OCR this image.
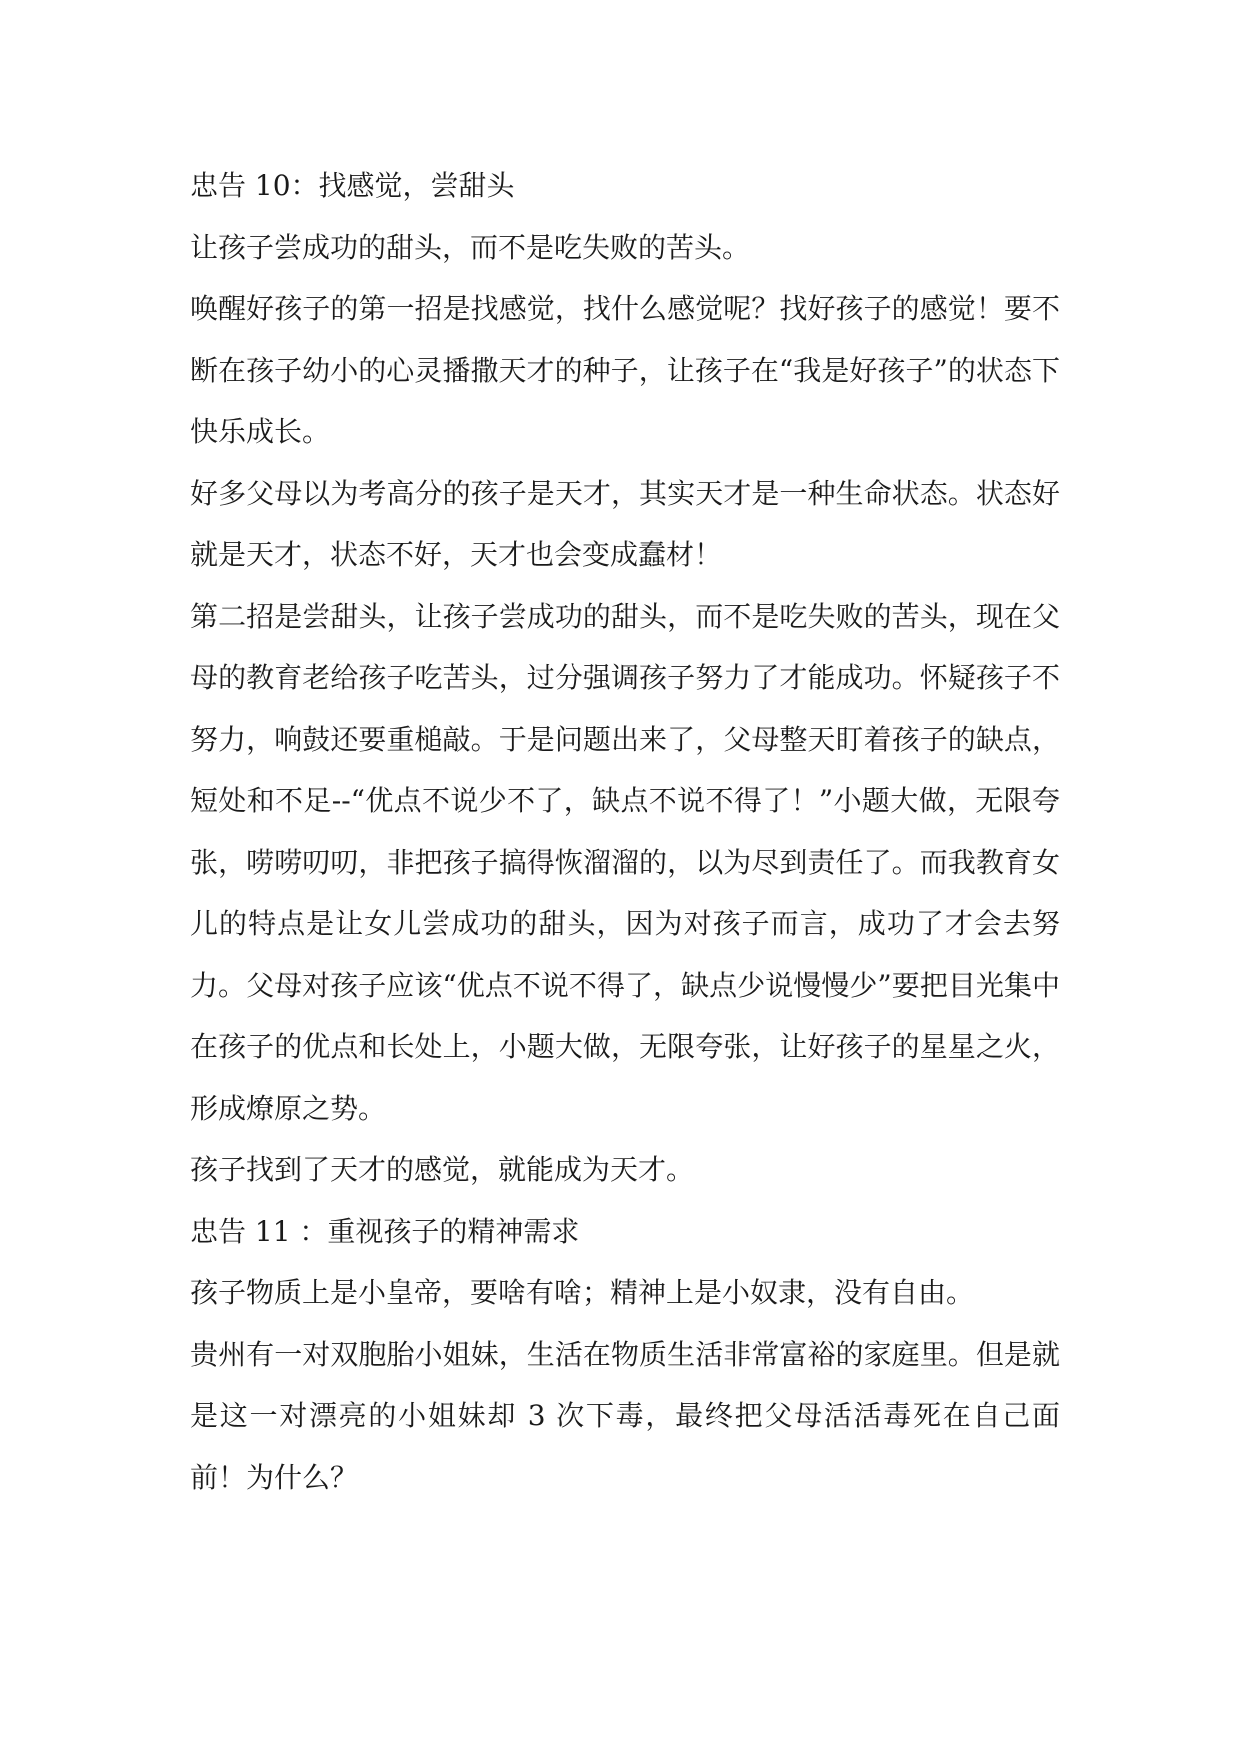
忠告 10：找感觉，尝甜头

让孩子尝成功的甜头，而不是吃失败的苦头。

唤醒好孩子的第一招是找感觉，找什么感觉呢？找好孩子的感觉！要不断在孩子幼小的心灵播撒天才的种子，让孩子在“我是好孩子”的状态下快乐成长。

好多父母以为考高分的孩子是天才，其实天才是一种生命状态。状态好就是天才，状态不好，天才也会变成蠢材！

第二招是尝甜头，让孩子尝成功的甜头，而不是吃失败的苦头，现在父母的教育老给孩子吃苦头，过分强调孩子努力了才能成功。怀疑孩子不努力，响鼓还要重槌敲。于是问题出来了，父母整天盯着孩子的缺点，短处和不足--“优点不说少不了，缺点不说不得了！”小题大做，无限夸张，唠唠叨叨，非把孩子搞得恢溜溜的，以为尽到责任了。而我教育女儿的特点是让女儿尝成功的甜头，因为对孩子而言，成功了才会去努力。父母对孩子应该“优点不说不得了，缺点少说慢慢少”要把目光集中在孩子的优点和长处上，小题大做，无限夸张，让好孩子的星星之火，形成燎原之势。

孩子找到了天才的感觉，就能成为天才。

忠告 11 ：重视孩子的精神需求

孩子物质上是小皇帝，要啥有啥；精神上是小奴隶，没有自由。

贵州有一对双胞胎小姐妹，生活在物质生活非常富裕的家庭里。但是就是这一对漂亮的小姐妹却 3 次下毒，最终把父母活活毒死在自己面前！为什么？
